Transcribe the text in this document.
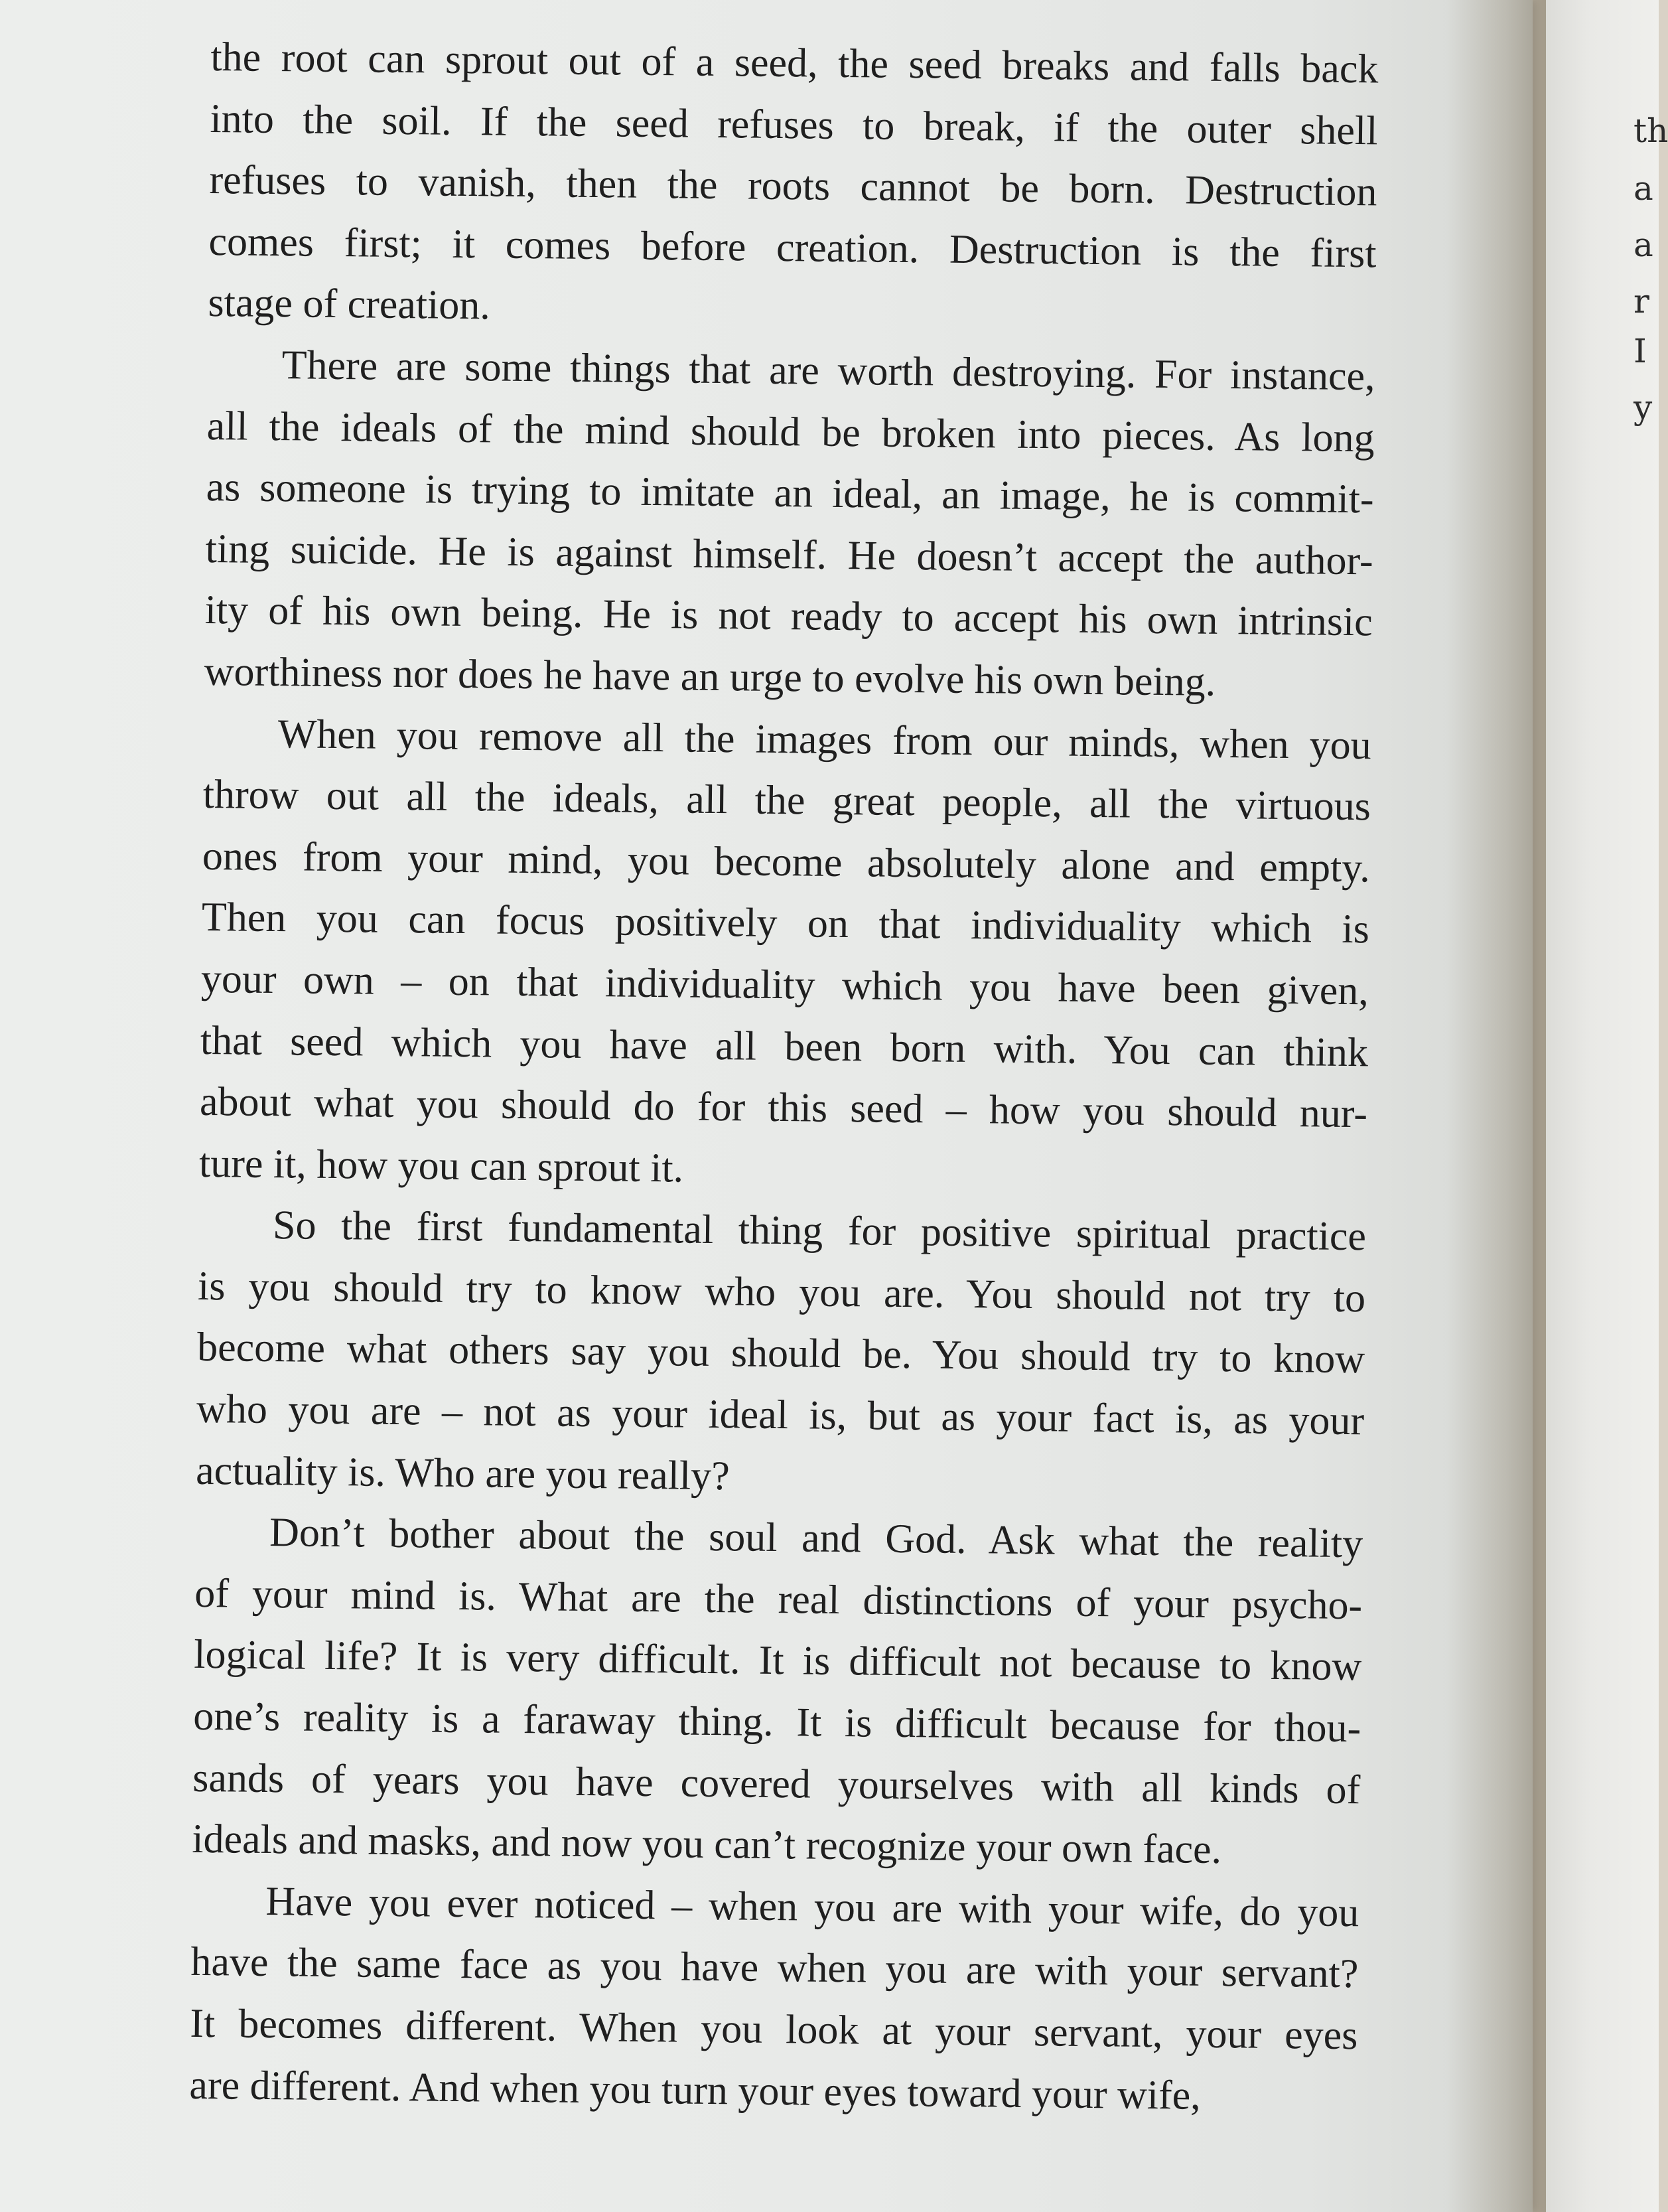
th
a
a
r
I
y
the root can sprout out of a seed, the seed breaks and falls back
into the soil. If the seed refuses to break, if the outer shell
refuses to vanish, then the roots cannot be born. Destruction
comes first; it comes before creation. Destruction is the first
stage of creation.
There are some things that are worth destroying. For instance,
all the ideals of the mind should be broken into pieces. As long
as someone is trying to imitate an ideal, an image, he is commit-
ting suicide. He is against himself. He doesn’t accept the author-
ity of his own being. He is not ready to accept his own intrinsic
worthiness nor does he have an urge to evolve his own being.
When you remove all the images from our minds, when you
throw out all the ideals, all the great people, all the virtuous
ones from your mind, you become absolutely alone and empty.
Then you can focus positively on that individuality which is
your own – on that individuality which you have been given,
that seed which you have all been born with. You can think
about what you should do for this seed – how you should nur-
ture it, how you can sprout it.
So the first fundamental thing for positive spiritual practice
is you should try to know who you are. You should not try to
become what others say you should be. You should try to know
who you are – not as your ideal is, but as your fact is, as your
actuality is. Who are you really?
Don’t bother about the soul and God. Ask what the reality
of your mind is. What are the real distinctions of your psycho-
logical life? It is very difficult. It is difficult not because to know
one’s reality is a faraway thing. It is difficult because for thou-
sands of years you have covered yourselves with all kinds of
ideals and masks, and now you can’t recognize your own face.
Have you ever noticed – when you are with your wife, do you
have the same face as you have when you are with your servant?
It becomes different. When you look at your servant, your eyes
are different. And when you turn your eyes toward your wife,
